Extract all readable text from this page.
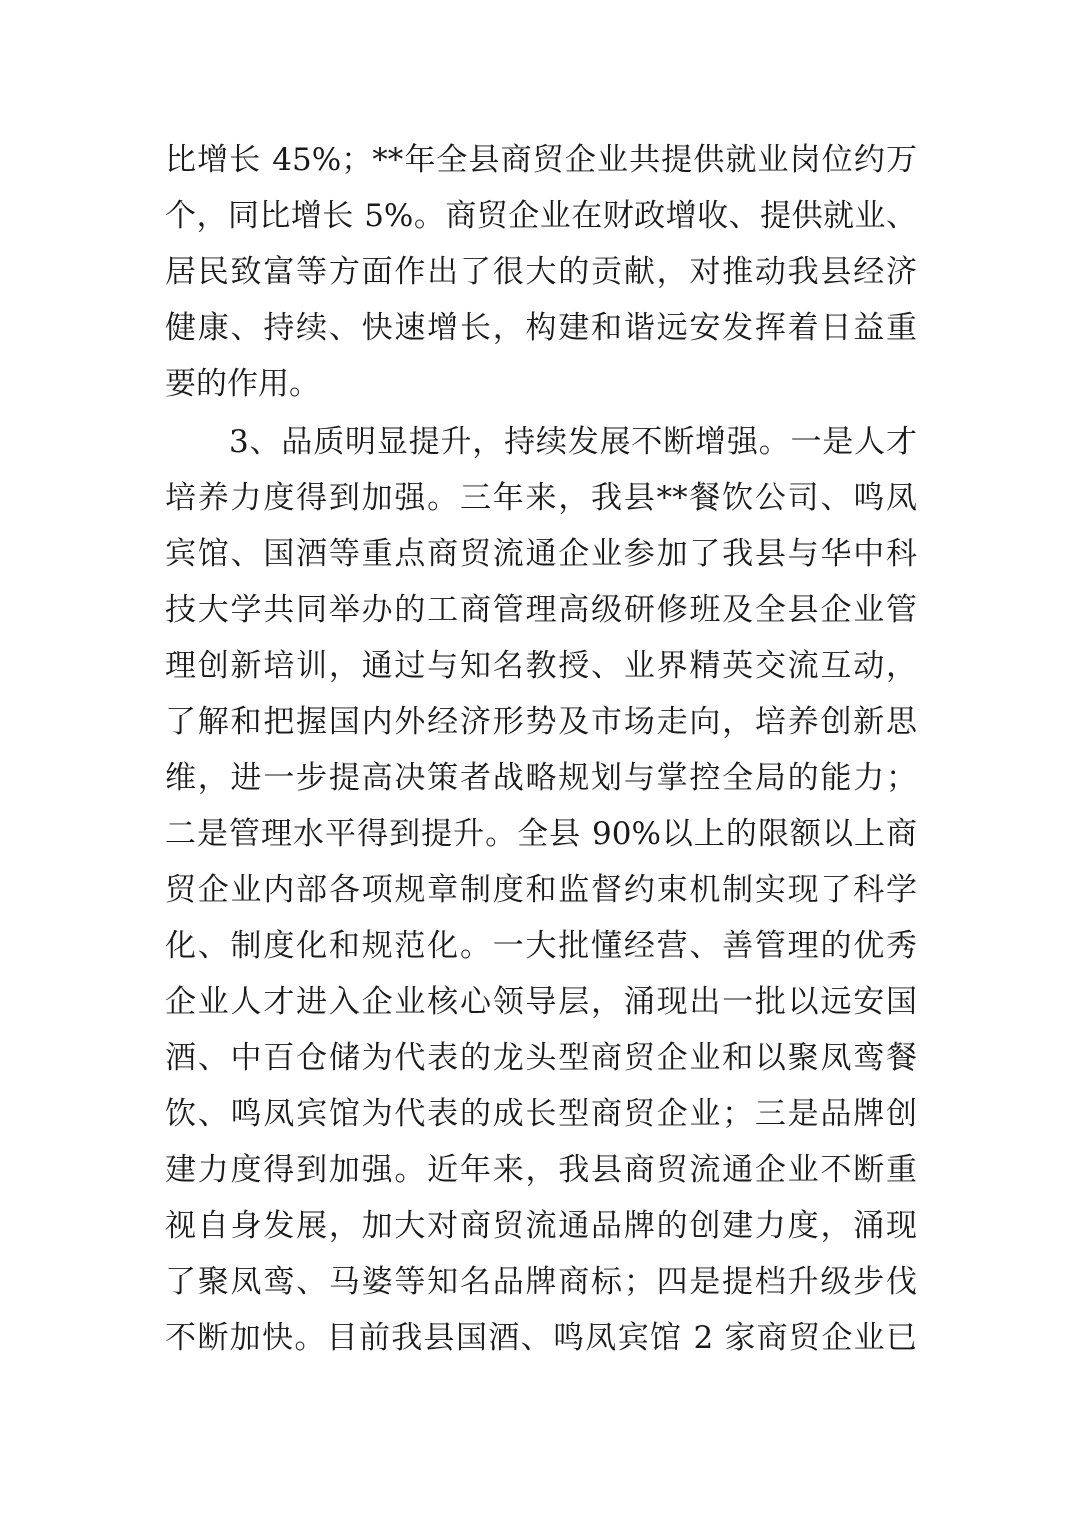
比增长 45%；**年全县商贸企业共提供就业岗位约万
个，同比增长 5%。商贸企业在财政增收、提供就业、
居民致富等方面作出了很大的贡献，对推动我县经济
健康、持续、快速增长，构建和谐远安发挥着日益重
要的作用。
3、品质明显提升，持续发展不断增强。一是人才
培养力度得到加强。三年来，我县**餐饮公司、鸣凤
宾馆、国酒等重点商贸流通企业参加了我县与华中科
技大学共同举办的工商管理高级研修班及全县企业管
理创新培训，通过与知名教授、业界精英交流互动，
了解和把握国内外经济形势及市场走向，培养创新思
维，进一步提高决策者战略规划与掌控全局的能力；
二是管理水平得到提升。全县 90%以上的限额以上商
贸企业内部各项规章制度和监督约束机制实现了科学
化、制度化和规范化。一大批懂经营、善管理的优秀
企业人才进入企业核心领导层，涌现出一批以远安国
酒、中百仓储为代表的龙头型商贸企业和以聚凤鸾餐
饮、鸣凤宾馆为代表的成长型商贸企业；三是品牌创
建力度得到加强。近年来，我县商贸流通企业不断重
视自身发展，加大对商贸流通品牌的创建力度，涌现
了聚凤鸾、马婆等知名品牌商标；四是提档升级步伐
不断加快。目前我县国酒、鸣凤宾馆 2 家商贸企业已
